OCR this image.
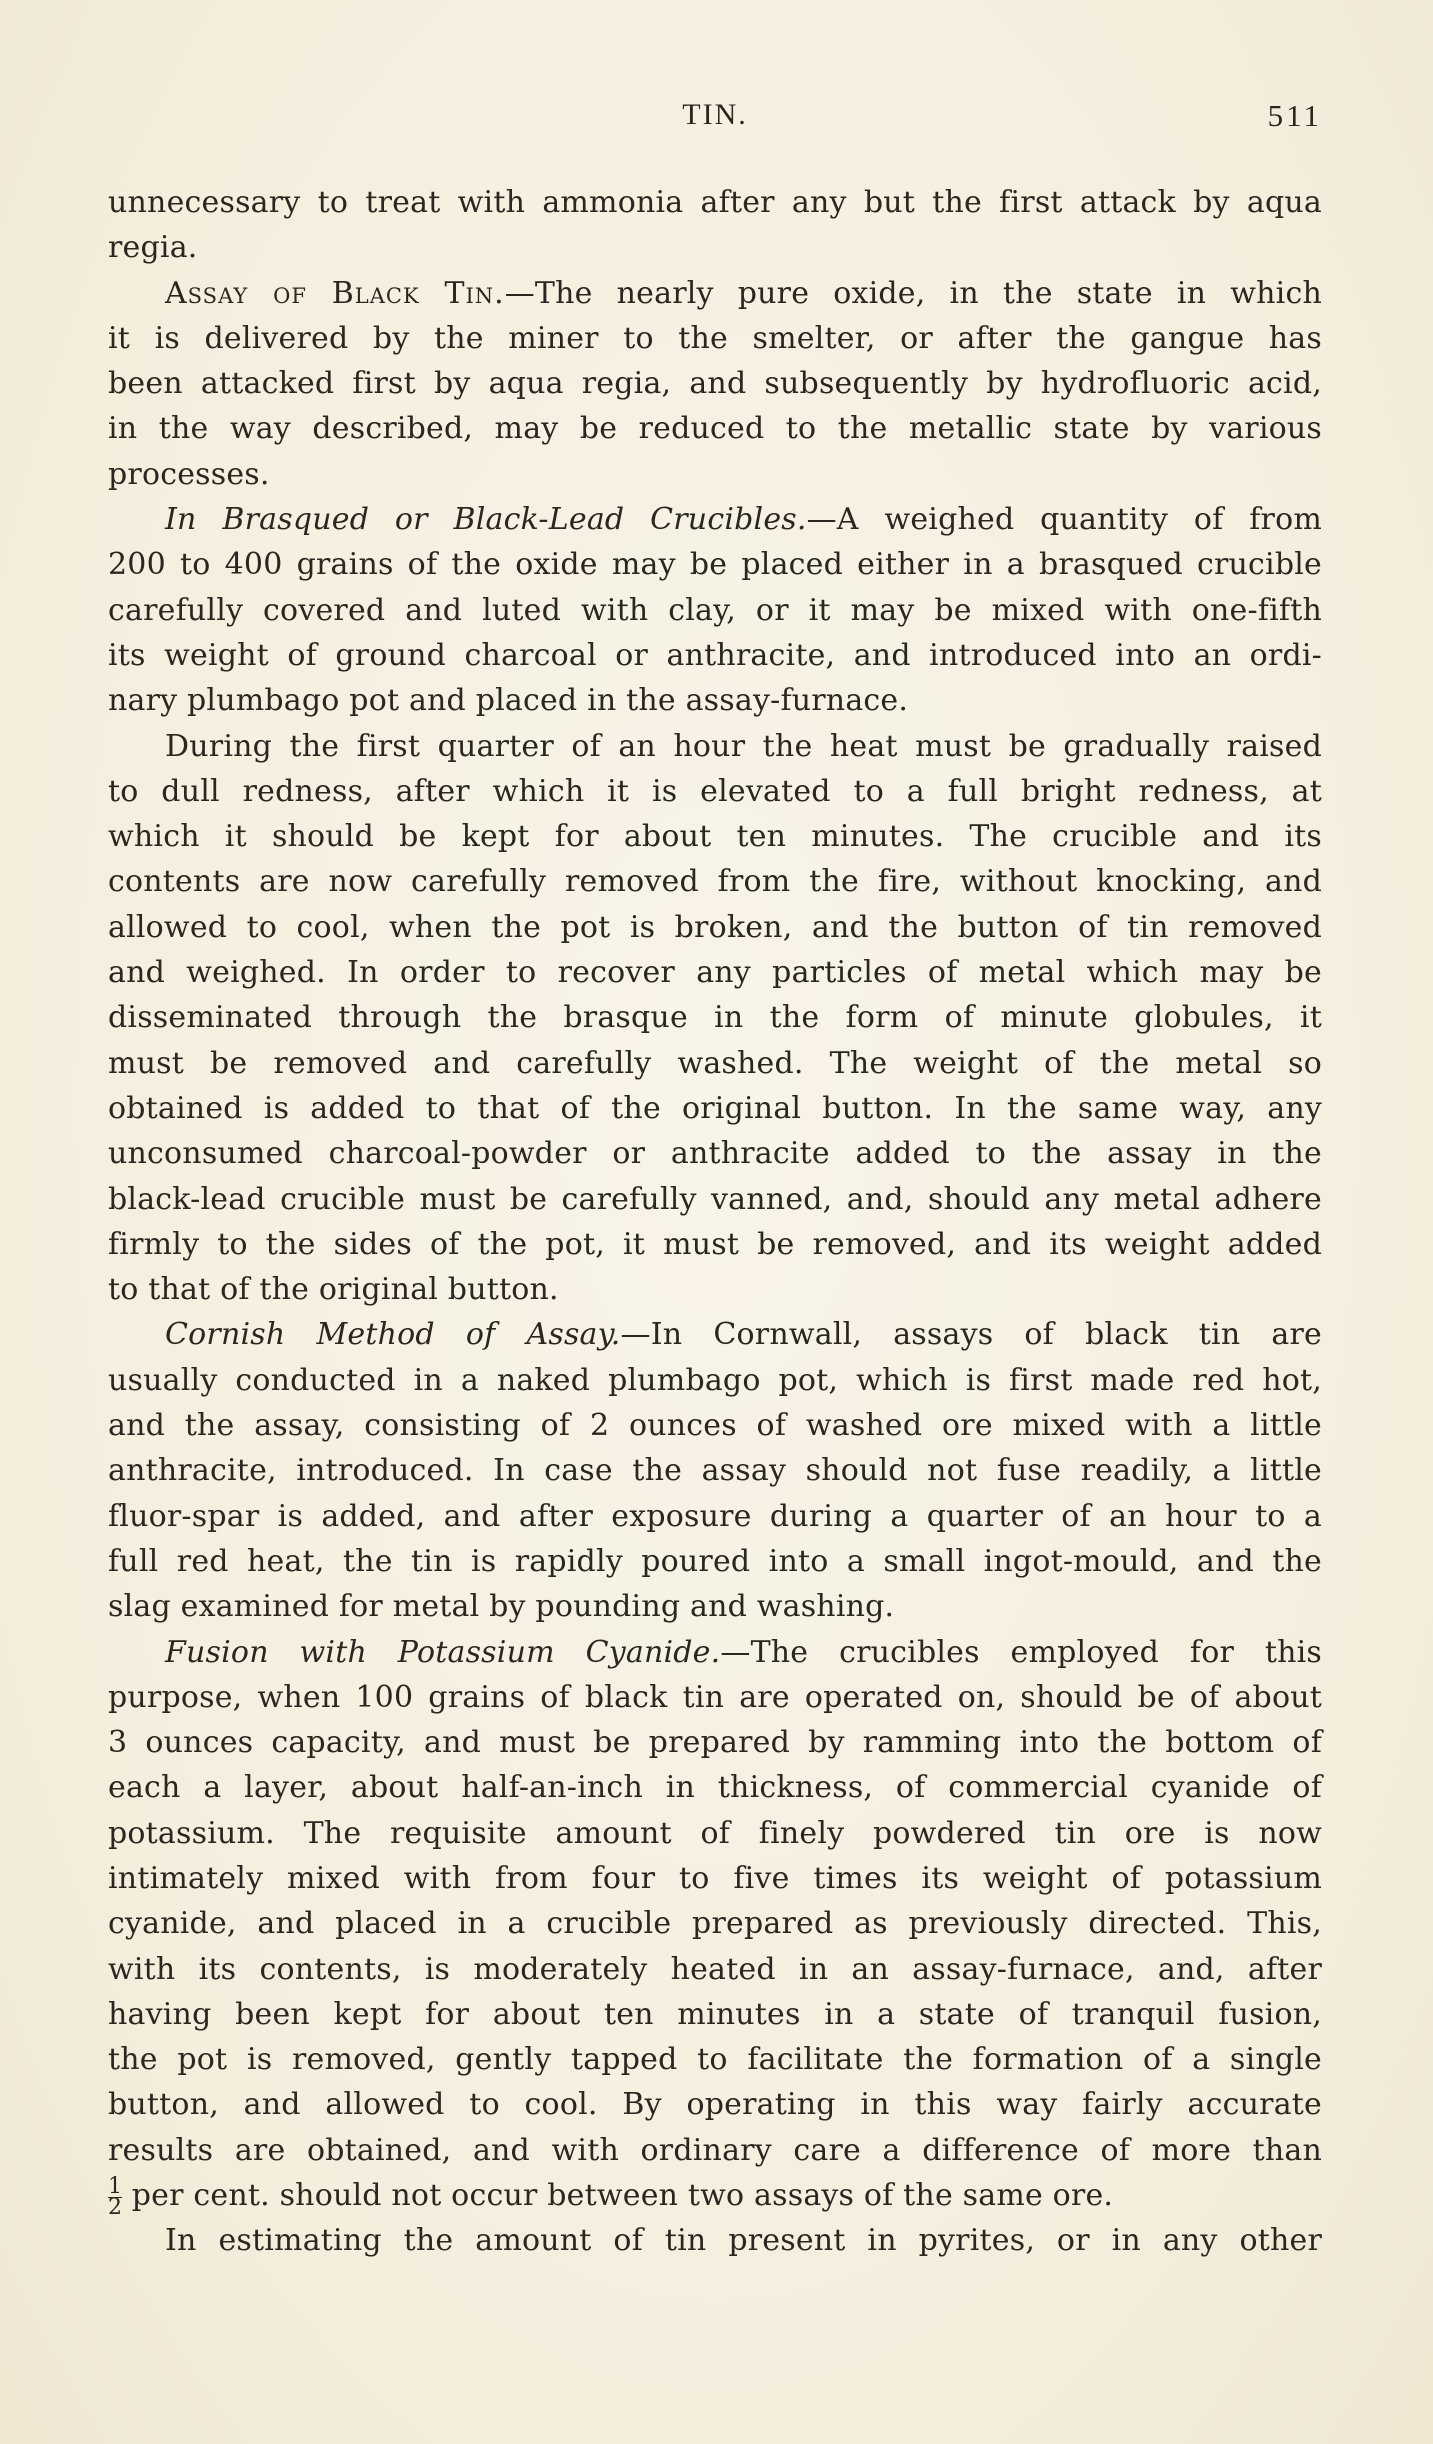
TIN.	511
unnecessary to treat with ammonia after any but the first attack by aqua
regia.
Assay of Black Tin.—The nearly pure oxide, in the state in which
it is delivered by the miner to the smelter, or after the gangue has
been attacked first by aqua regia, and subsequently by hydrofluoric acid,
in the way described, may be reduced to the metallic state by various
processes.
In Brasqued or Black-Lead Crucibles.—A weighed quantity of from
200 to 400 grains of the oxide may be placed either in a brasqued crucible
carefully covered and luted with clay, or it may be mixed with one-fifth
its weight of ground charcoal or anthracite, and introduced into an ordi-
nary plumbago pot and placed in the assay-furnace.
During the first quarter of an hour the heat must be gradually raised
to dull redness, after which it is elevated to a full bright redness, at
which it should be kept for about ten minutes. The crucible and its
contents are now carefully removed from the fire, without knocking, and
allowed to cool, when the pot is broken, and the button of tin removed
and weighed. In order to recover any particles of metal which may be
disseminated through the brasque in the form of minute globules, it
must be removed and carefully washed. The weight of the metal so
obtained is added to that of the original button. In the same way, any
unconsumed charcoal-powder or anthracite added to the assay in the
black-lead crucible must be carefully vanned, and, should any metal adhere
firmly to the sides of the pot, it must be removed, and its weight added
to that of the original button.
Cornish Method of Assay.—In Cornwall, assays of black tin are
usually conducted in a naked plumbago pot, which is first made red hot,
and the assay, consisting of 2 ounces of washed ore mixed with a little
anthracite, introduced. In case the assay should not fuse readily, a little
fluor-spar is added, and after exposure during a quarter of an hour to a
full red heat, the tin is rapidly poured into a small ingot-mould, and the
slag examined for metal by pounding and washing.
Fusion with Potassium Cyanide.—The crucibles employed for this
purpose, when 100 grains of black tin are operated on, should be of about
3 ounces capacity, and must be prepared by ramming into the bottom of
each a layer, about half-an-inch in thickness, of commercial cyanide of
potassium. The requisite amount of finely powdered tin ore is now
intimately mixed with from four to five times its weight of potassium
cyanide, and placed in a crucible prepared as previously directed. This,
with its contents, is moderately heated in an assay-furnace, and, after
having been kept for about ten minutes in a state of tranquil fusion,
the pot is removed, gently tapped to facilitate the formation of a single
button, and allowed to cool. By operating in this way fairly accurate
results are obtained, and with ordinary care a difference of more than
$\frac{1}{2}$ per cent. should not occur between two assays of the same ore.
In estimating the amount of tin present in pyrites, or in any other
